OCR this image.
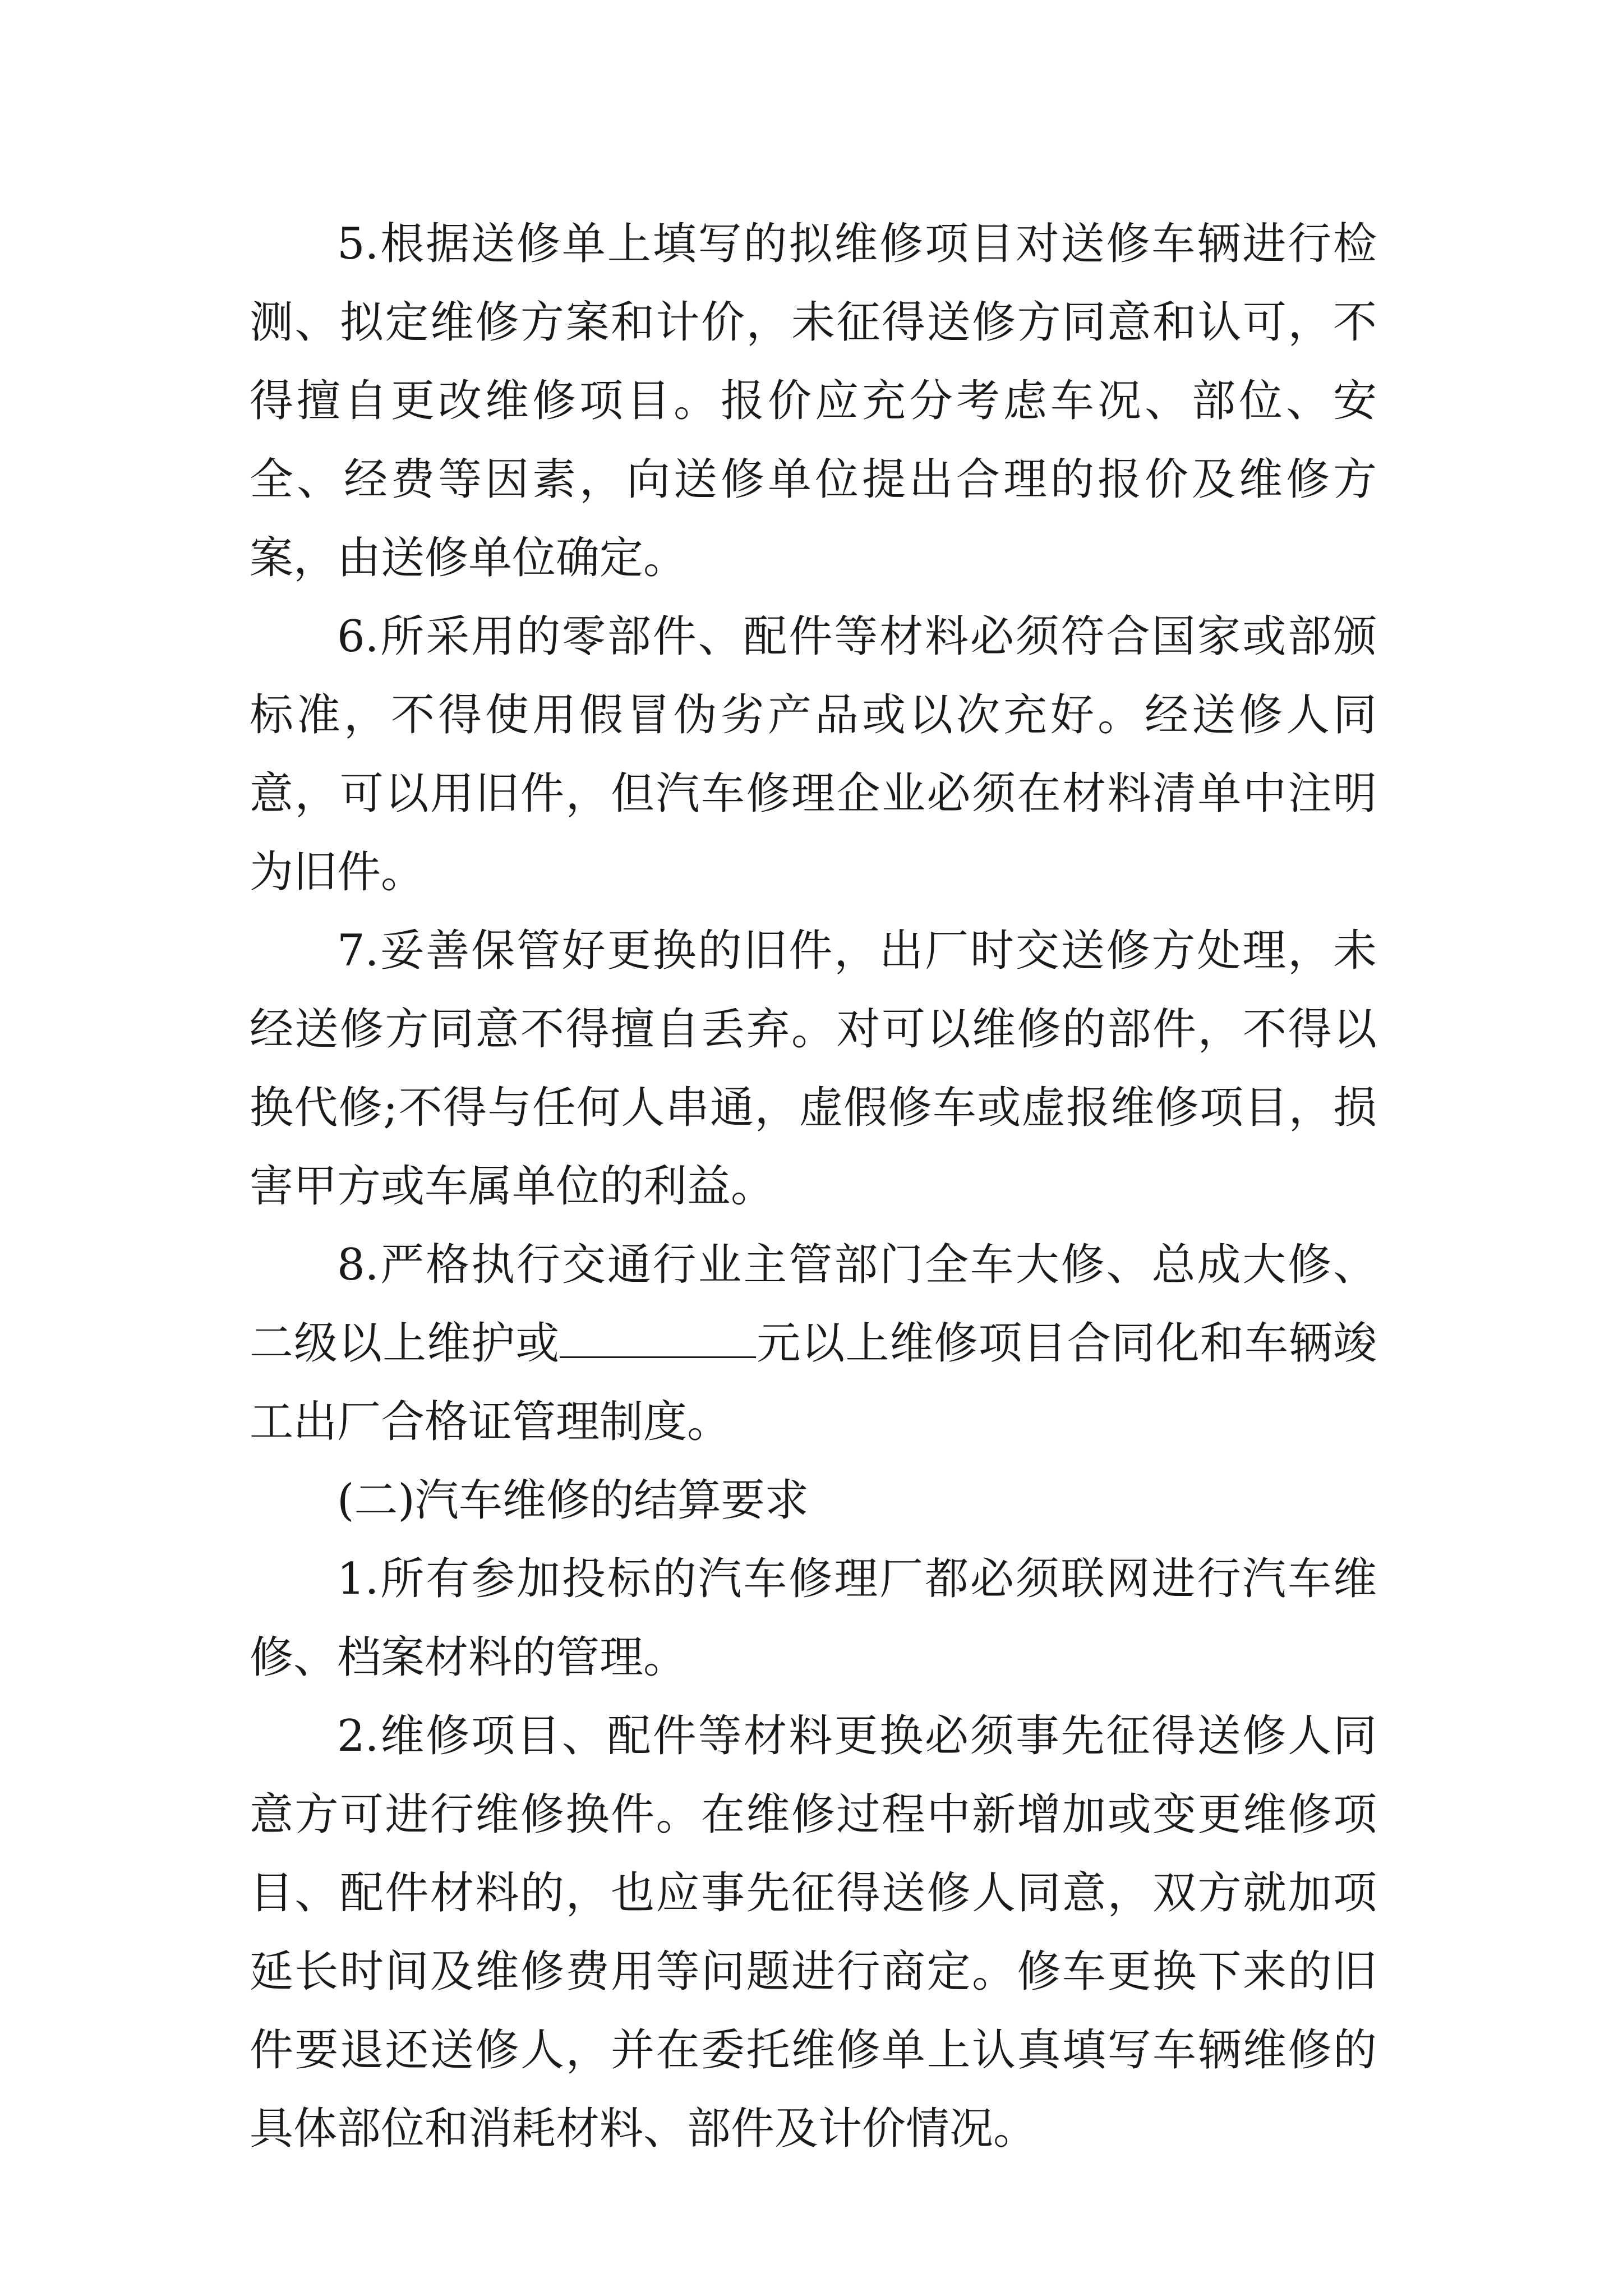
5.根据送修单上填写的拟维修项目对送修车辆进行检测、拟定维修方案和计价，未征得送修方同意和认可，不得擅自更改维修项目。报价应充分考虑车况、部位、安全、经费等因素，向送修单位提出合理的报价及维修方案，由送修单位确定。

6.所采用的零部件、配件等材料必须符合国家或部颁标准，不得使用假冒伪劣产品或以次充好。经送修人同意，可以用旧件，但汽车修理企业必须在材料清单中注明为旧件。

7.妥善保管好更换的旧件，出厂时交送修方处理，未经送修方同意不得擅自丢弃。对可以维修的部件，不得以换代修;不得与任何人串通，虚假修车或虚报维修项目，损害甲方或车属单位的利益。

8.严格执行交通行业主管部门全车大修、总成大修、二级以上维护或	元以上维修项目合同化和车辆竣工出厂合格证管理制度。

(二)汽车维修的结算要求

1.所有参加投标的汽车修理厂都必须联网进行汽车维修、档案材料的管理。

2.维修项目、配件等材料更换必须事先征得送修人同意方可进行维修换件。在维修过程中新增加或变更维修项目、配件材料的，也应事先征得送修人同意，双方就加项延长时间及维修费用等问题进行商定。修车更换下来的旧件要退还送修人，并在委托维修单上认真填写车辆维修的具体部位和消耗材料、部件及计价情况。
